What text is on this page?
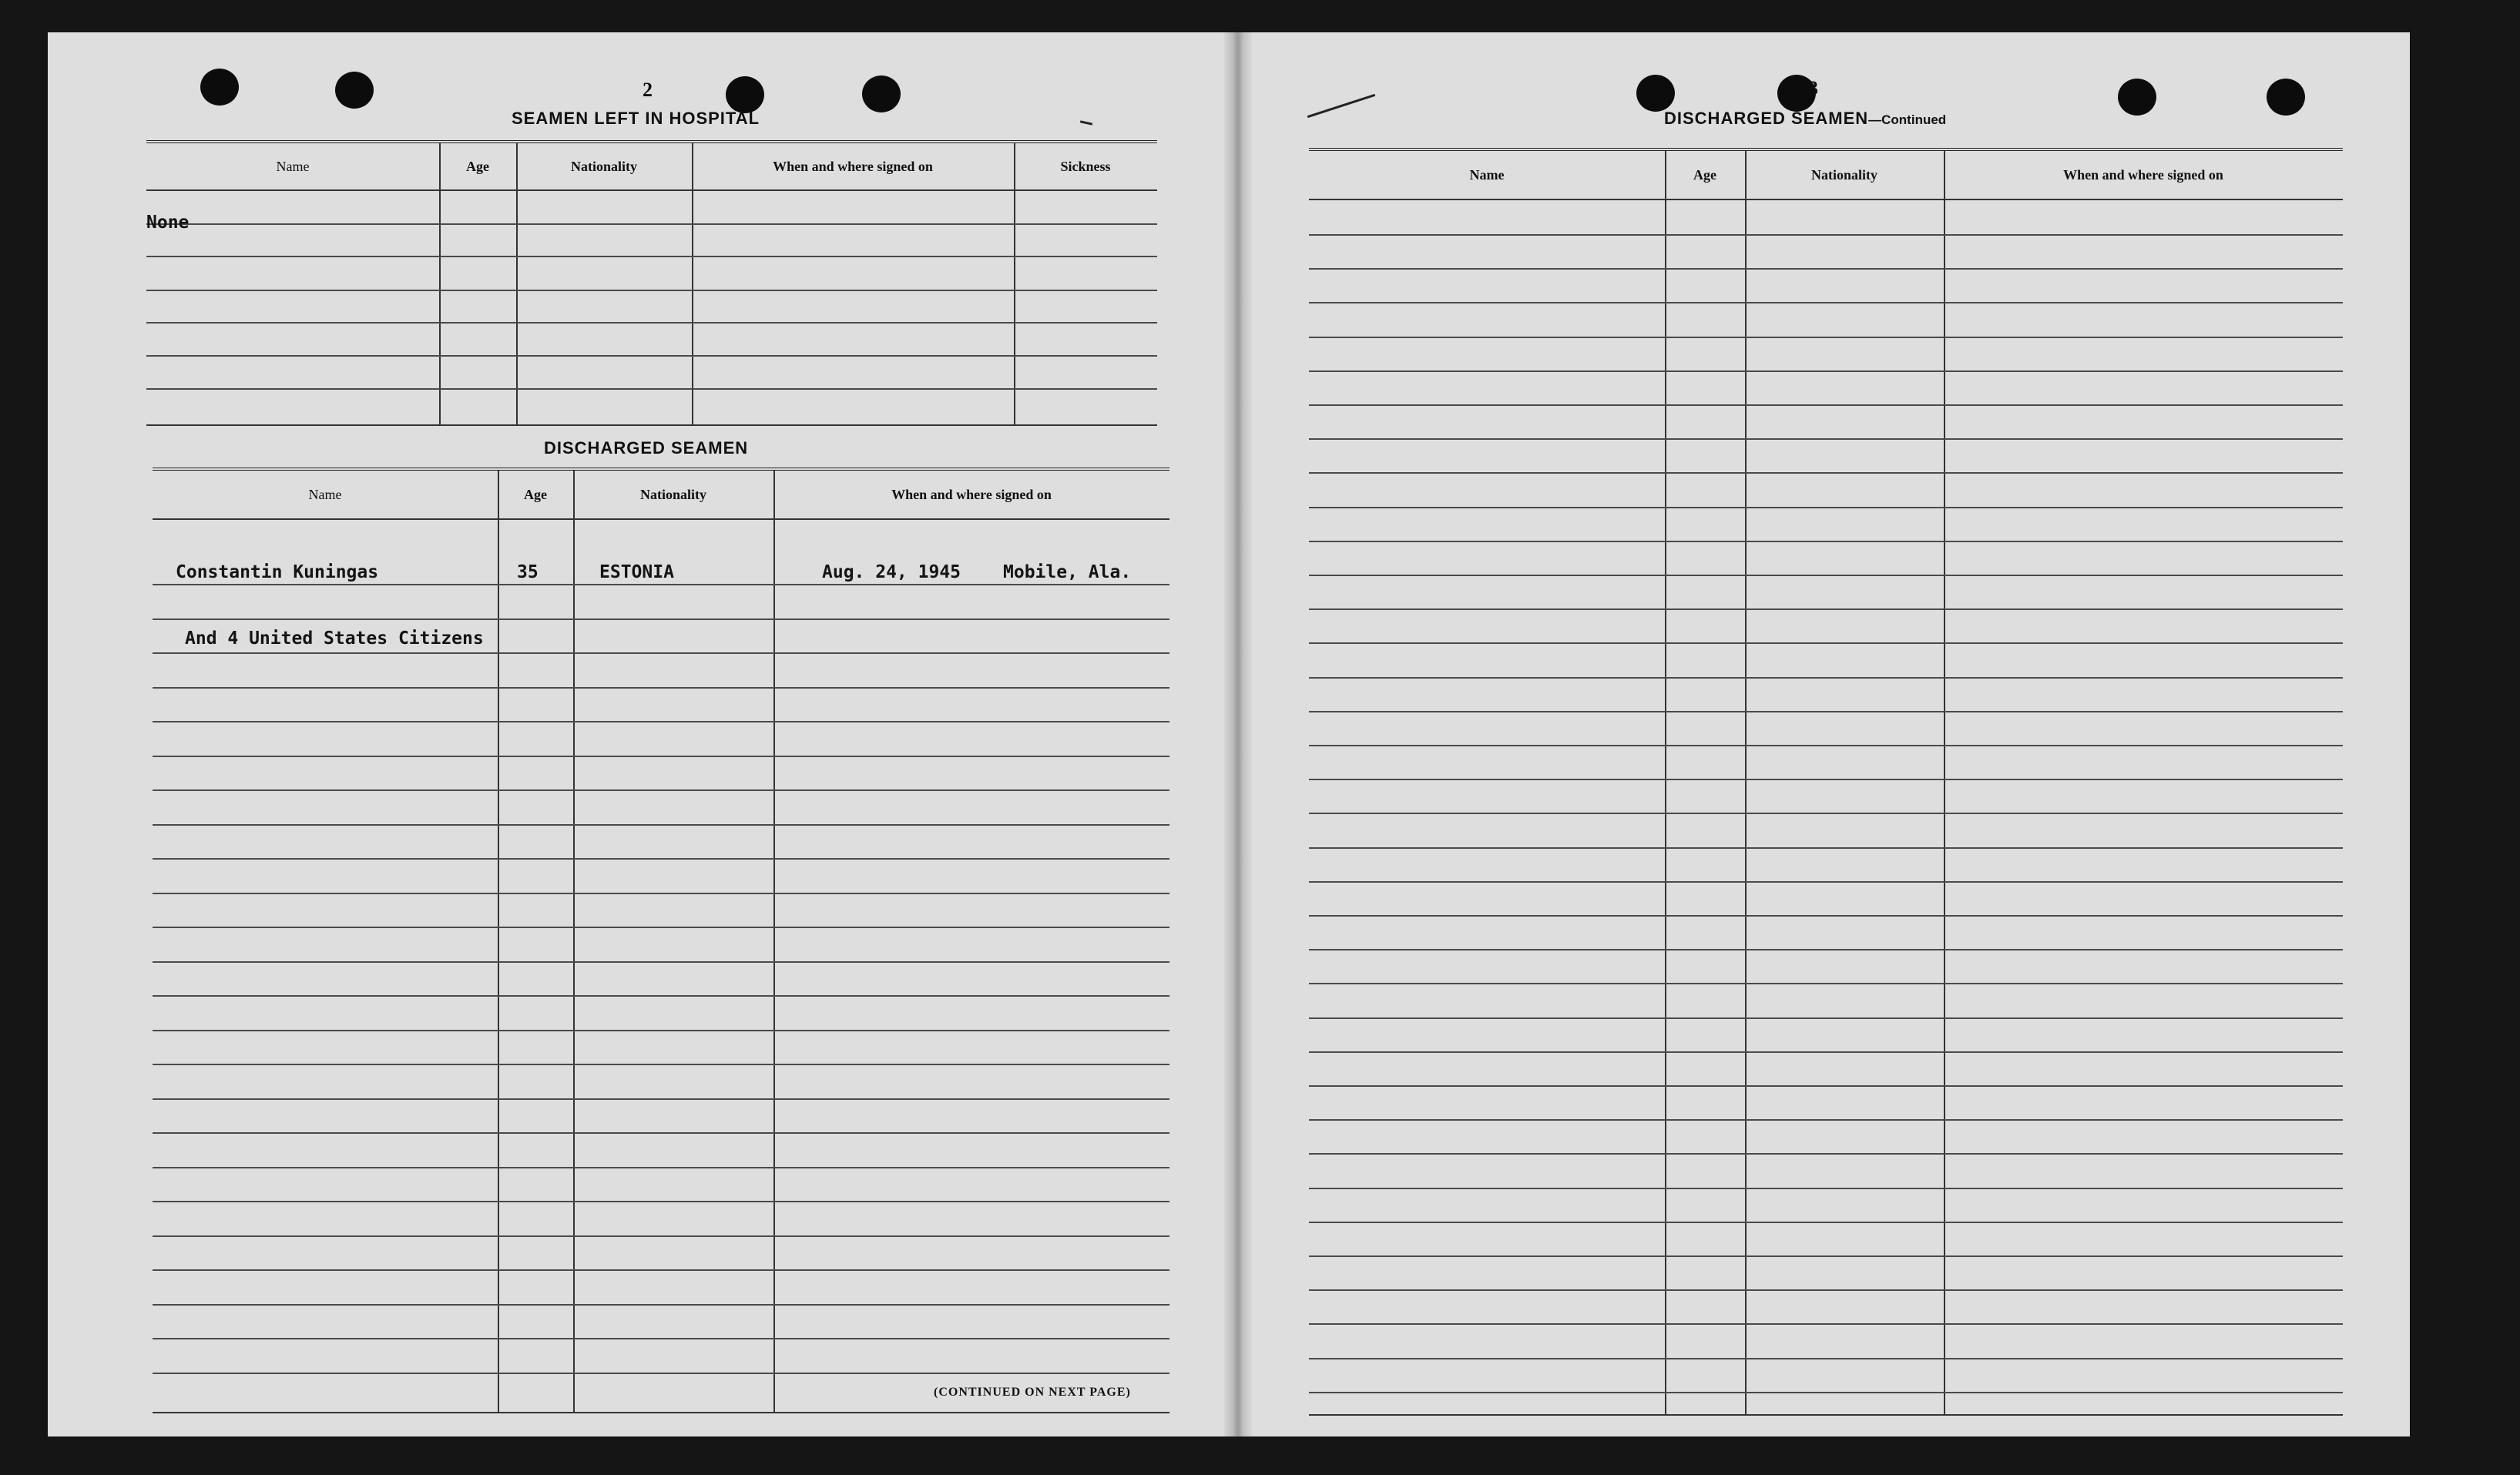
2
SEAMEN LEFT IN HOSPITAL
Name	Age	Nationality	When and where signed on	Sickness
None
DISCHARGED SEAMEN
Name	Age	Nationality	When and where signed on
Constantin Kuningas	35	ESTONIA	Aug. 24, 1945 Mobile, Ala.
And 4 United States Citizens
(CONTINUED ON NEXT PAGE)
3
DISCHARGED SEAMEN—Continued
Name	Age	Nationality	When and where signed on
